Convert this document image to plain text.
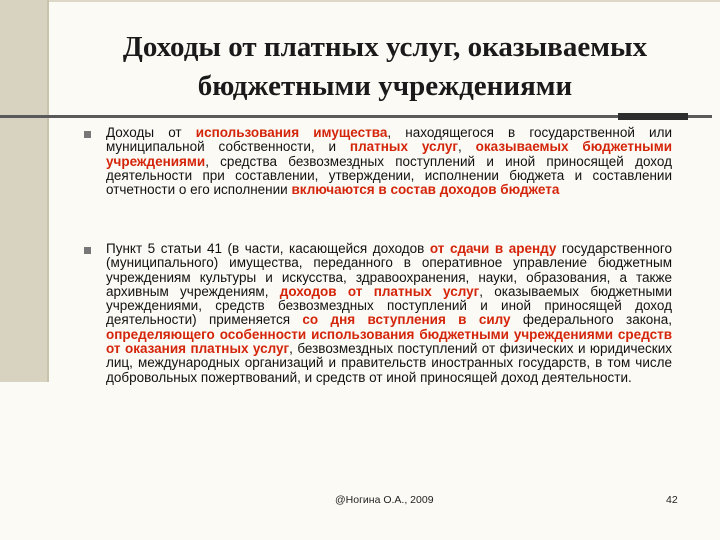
Доходы от платных услуг, оказываемых бюджетными учреждениями
Доходы от использования имущества, находящегося в государственной или муниципальной собственности, и платных услуг, оказываемых бюджетными учреждениями, средства безвозмездных поступлений и иной приносящей доход деятельности при составлении, утверждении, исполнении бюджета и составлении отчетности о его исполнении включаются в состав доходов бюджета
Пункт 5 статьи 41 (в части, касающейся доходов от сдачи в аренду государственного (муниципального) имущества, переданного в оперативное управление бюджетным учреждениям культуры и искусства, здравоохранения, науки, образования, а также архивным учреждениям, доходов от платных услуг, оказываемых бюджетными учреждениями, средств безвозмездных поступлений и иной приносящей доход деятельности) применяется со дня вступления в силу федерального закона, определяющего особенности использования бюджетными учреждениями средств от оказания платных услуг, безвозмездных поступлений от физических и юридических лиц, международных организаций и правительств иностранных государств, в том числе добровольных пожертвований, и средств от иной приносящей доход деятельности.
@Ногина О.А., 2009	42
